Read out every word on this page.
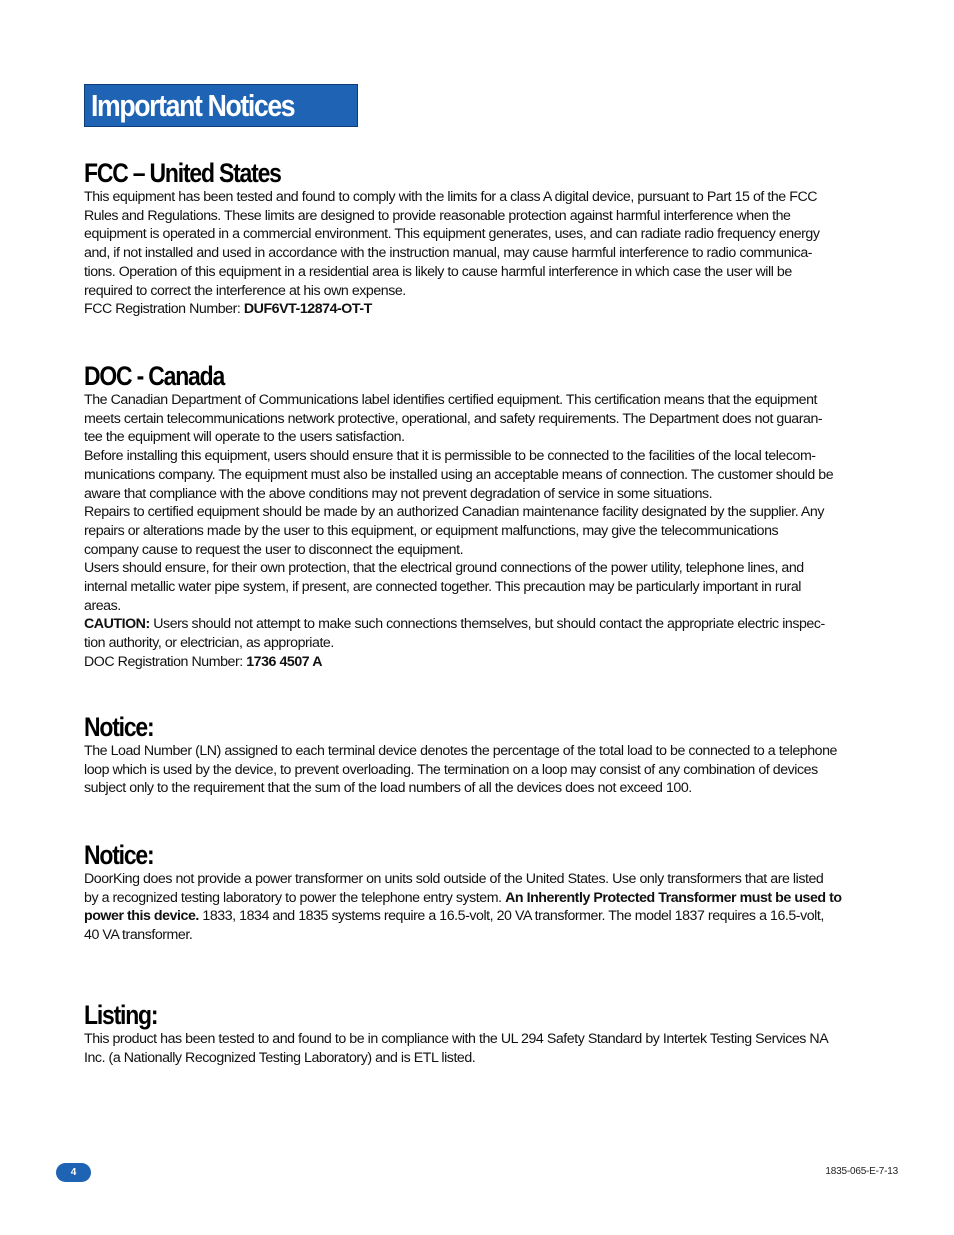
Important Notices
FCC – United States

This equipment has been tested and found to comply with the limits for a class A digital device, pursuant to Part 15 of the FCC
Rules and Regulations. These limits are designed to provide reasonable protection against harmful interference when the
equipment is operated in a commercial environment. This equipment generates, uses, and can radiate radio frequency energy
and, if not installed and used in accordance with the instruction manual, may cause harmful interference to radio communica-
tions. Operation of this equipment in a residential area is likely to cause harmful interference in which case the user will be
required to correct the interference at his own expense.
FCC Registration Number: DUF6VT-12874-OT-T

DOC - Canada

The Canadian Department of Communications label identifies certified equipment. This certification means that the equipment
meets certain telecommunications network protective, operational, and safety requirements. The Department does not guaran-
tee the equipment will operate to the users satisfaction.
Before installing this equipment, users should ensure that it is permissible to be connected to the facilities of the local telecom-
munications company. The equipment must also be installed using an acceptable means of connection. The customer should be
aware that compliance with the above conditions may not prevent degradation of service in some situations.
Repairs to certified equipment should be made by an authorized Canadian maintenance facility designated by the supplier. Any
repairs or alterations made by the user to this equipment, or equipment malfunctions, may give the telecommunications
company cause to request the user to disconnect the equipment.
Users should ensure, for their own protection, that the electrical ground connections of the power utility, telephone lines, and
internal metallic water pipe system, if present, are connected together. This precaution may be particularly important in rural
areas.
CAUTION: Users should not attempt to make such connections themselves, but should contact the appropriate electric inspec-
tion authority, or electrician, as appropriate.
DOC Registration Number: 1736 4507 A

Notice:

The Load Number (LN) assigned to each terminal device denotes the percentage of the total load to be connected to a telephone
loop which is used by the device, to prevent overloading. The termination on a loop may consist of any combination of devices
subject only to the requirement that the sum of the load numbers of all the devices does not exceed 100.

Notice:

DoorKing does not provide a power transformer on units sold outside of the United States. Use only transformers that are listed
by a recognized testing laboratory to power the telephone entry system. An Inherently Protected Transformer must be used to
power this device. 1833, 1834 and 1835 systems require a 16.5-volt, 20 VA transformer. The model 1837 requires a 16.5-volt,
40 VA transformer.

Listing:

This product has been tested to and found to be in compliance with the UL 294 Safety Standard by Intertek Testing Services NA
Inc. (a Nationally Recognized Testing Laboratory) and is ETL listed.

4	1835-065-E-7-13
